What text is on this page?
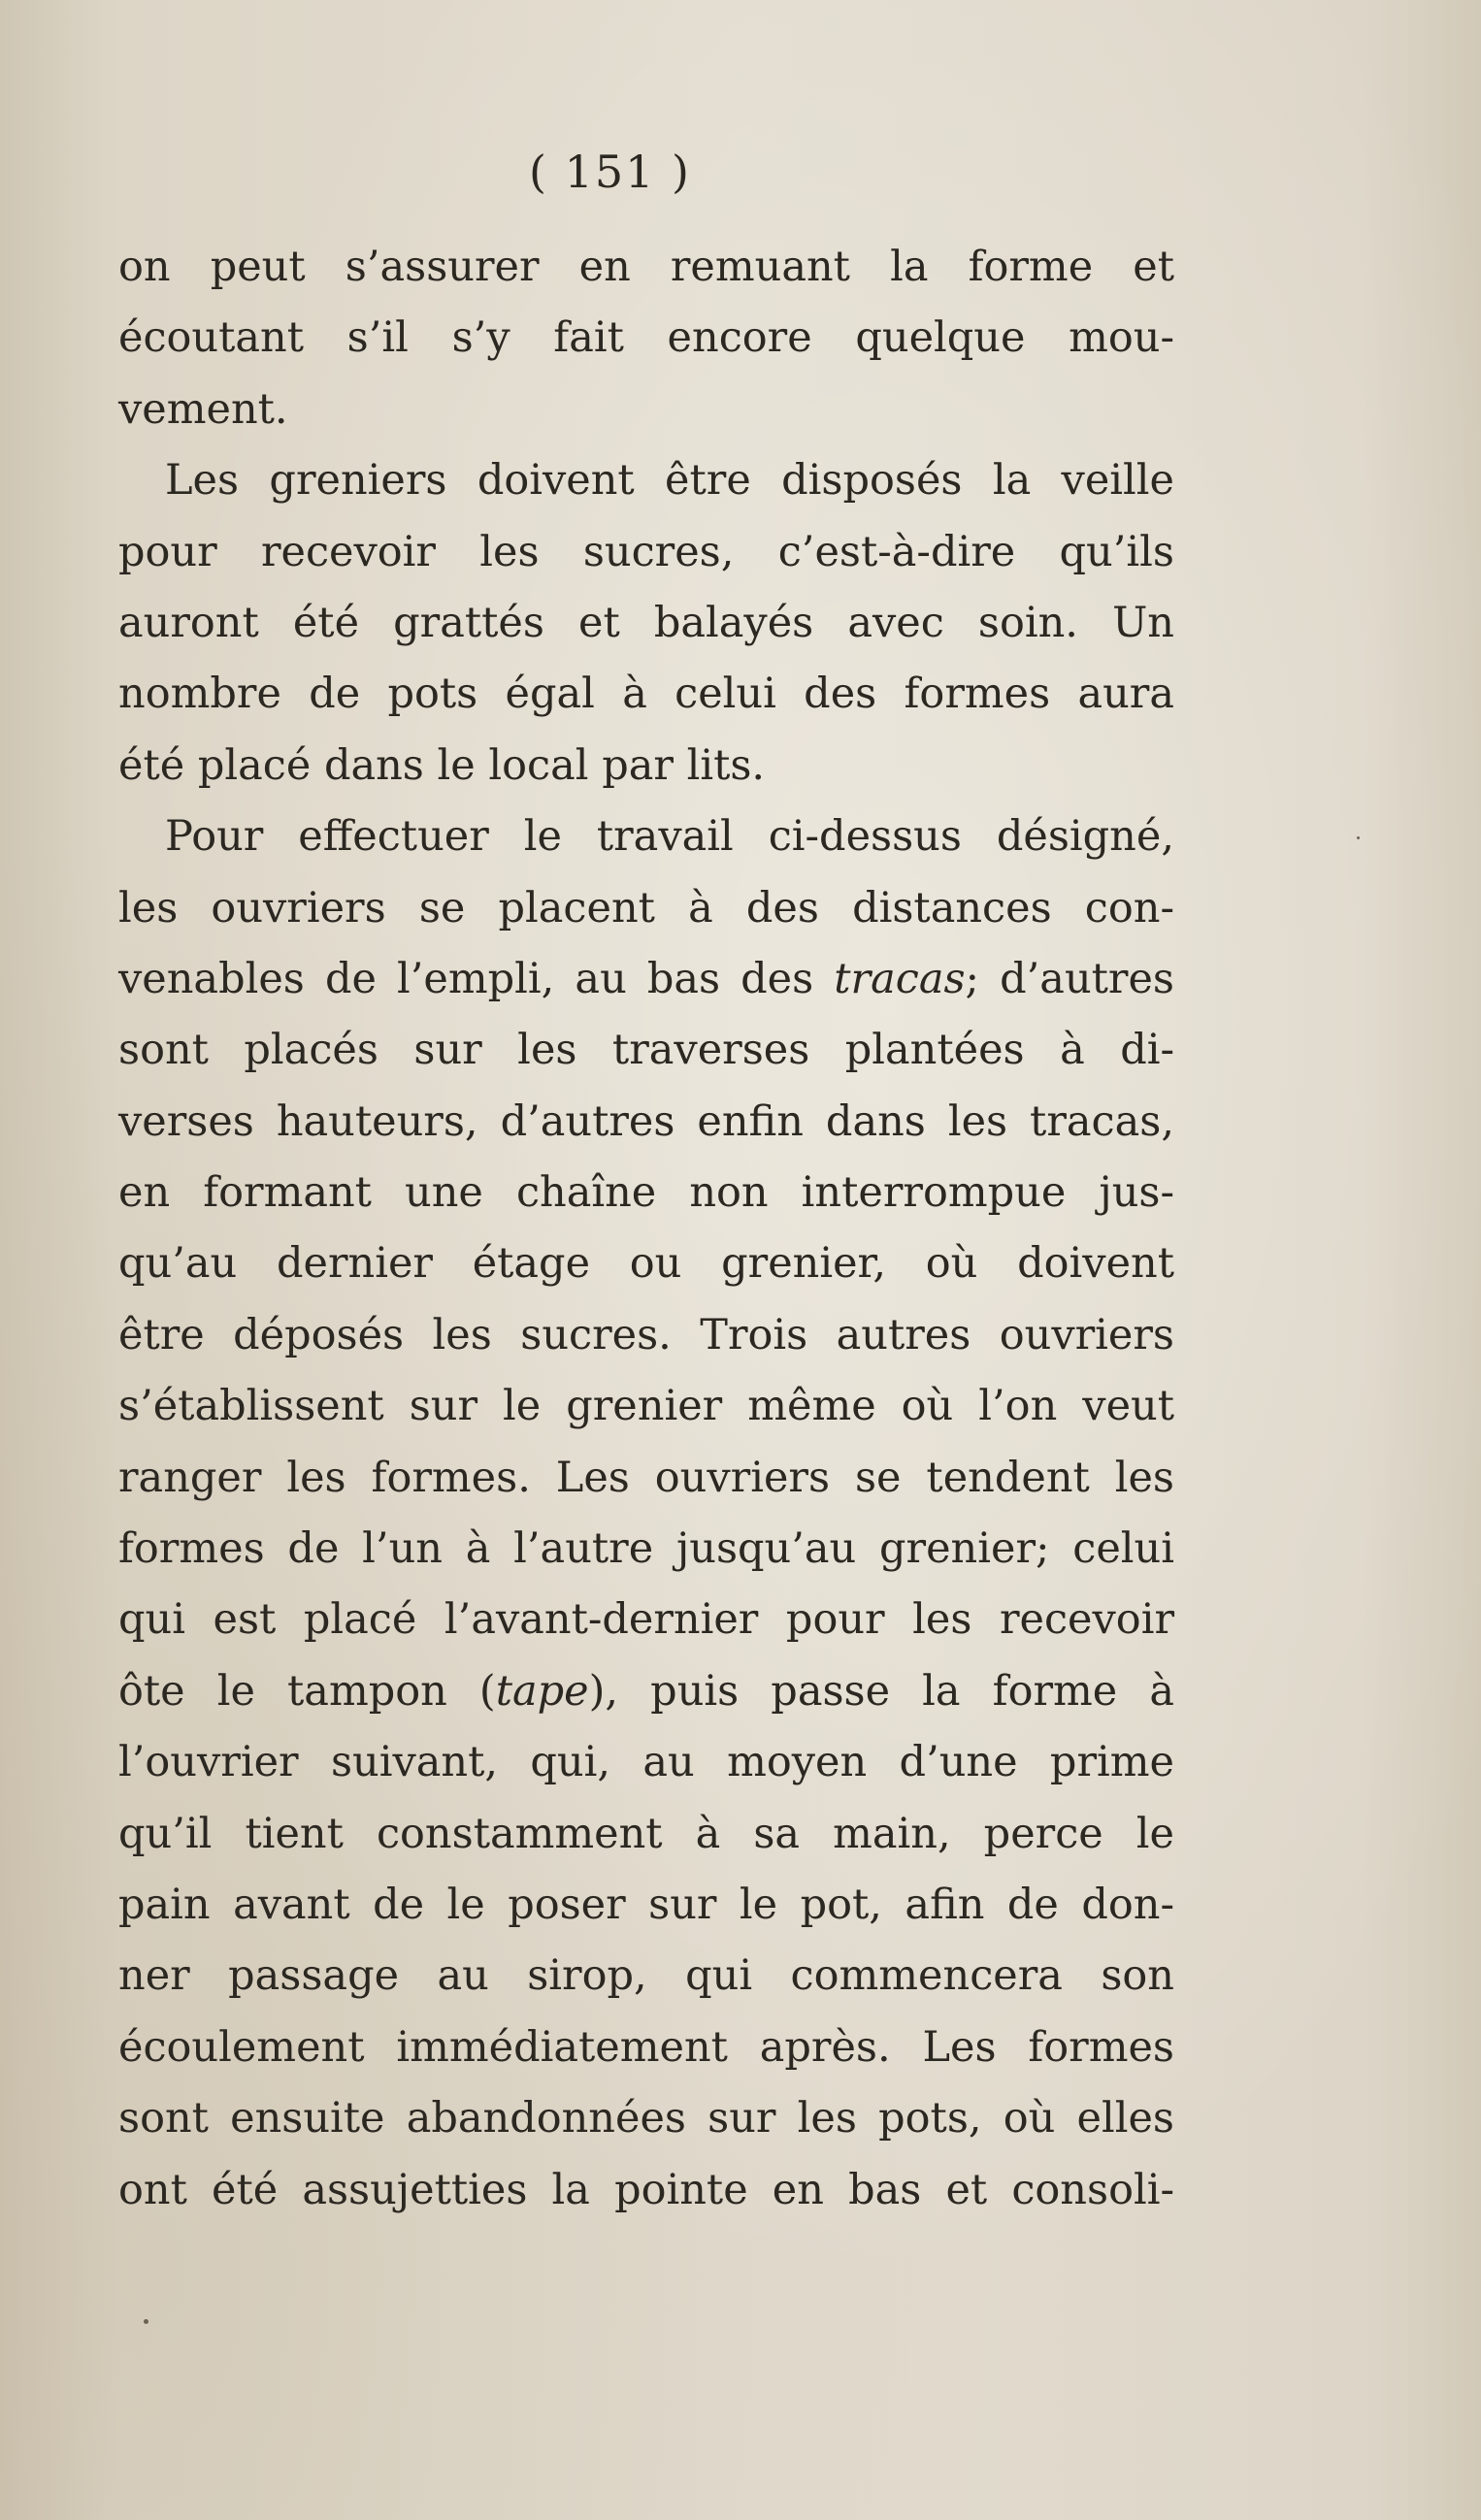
( 151 )
on peut s’assurer en remuant la forme et
écoutant s’il s’y fait encore quelque mou-
vement.
Les greniers doivent être disposés la veille
pour recevoir les sucres, c’est-à-dire qu’ils
auront été grattés et balayés avec soin. Un
nombre de pots égal à celui des formes aura
été placé dans le local par lits.
Pour effectuer le travail ci-dessus désigné,
les ouvriers se placent à des distances con-
venables de l’empli, au bas des tracas; d’autres
sont placés sur les traverses plantées à di-
verses hauteurs, d’autres enfin dans les tracas,
en formant une chaîne non interrompue jus-
qu’au dernier étage ou grenier, où doivent
être déposés les sucres. Trois autres ouvriers
s’établissent sur le grenier même où l’on veut
ranger les formes. Les ouvriers se tendent les
formes de l’un à l’autre jusqu’au grenier; celui
qui est placé l’avant-dernier pour les recevoir
ôte le tampon (tape), puis passe la forme à
l’ouvrier suivant, qui, au moyen d’une prime
qu’il tient constamment à sa main, perce le
pain avant de le poser sur le pot, afin de don-
ner passage au sirop, qui commencera son
écoulement immédiatement après. Les formes
sont ensuite abandonnées sur les pots, où elles
ont été assujetties la pointe en bas et consoli-
